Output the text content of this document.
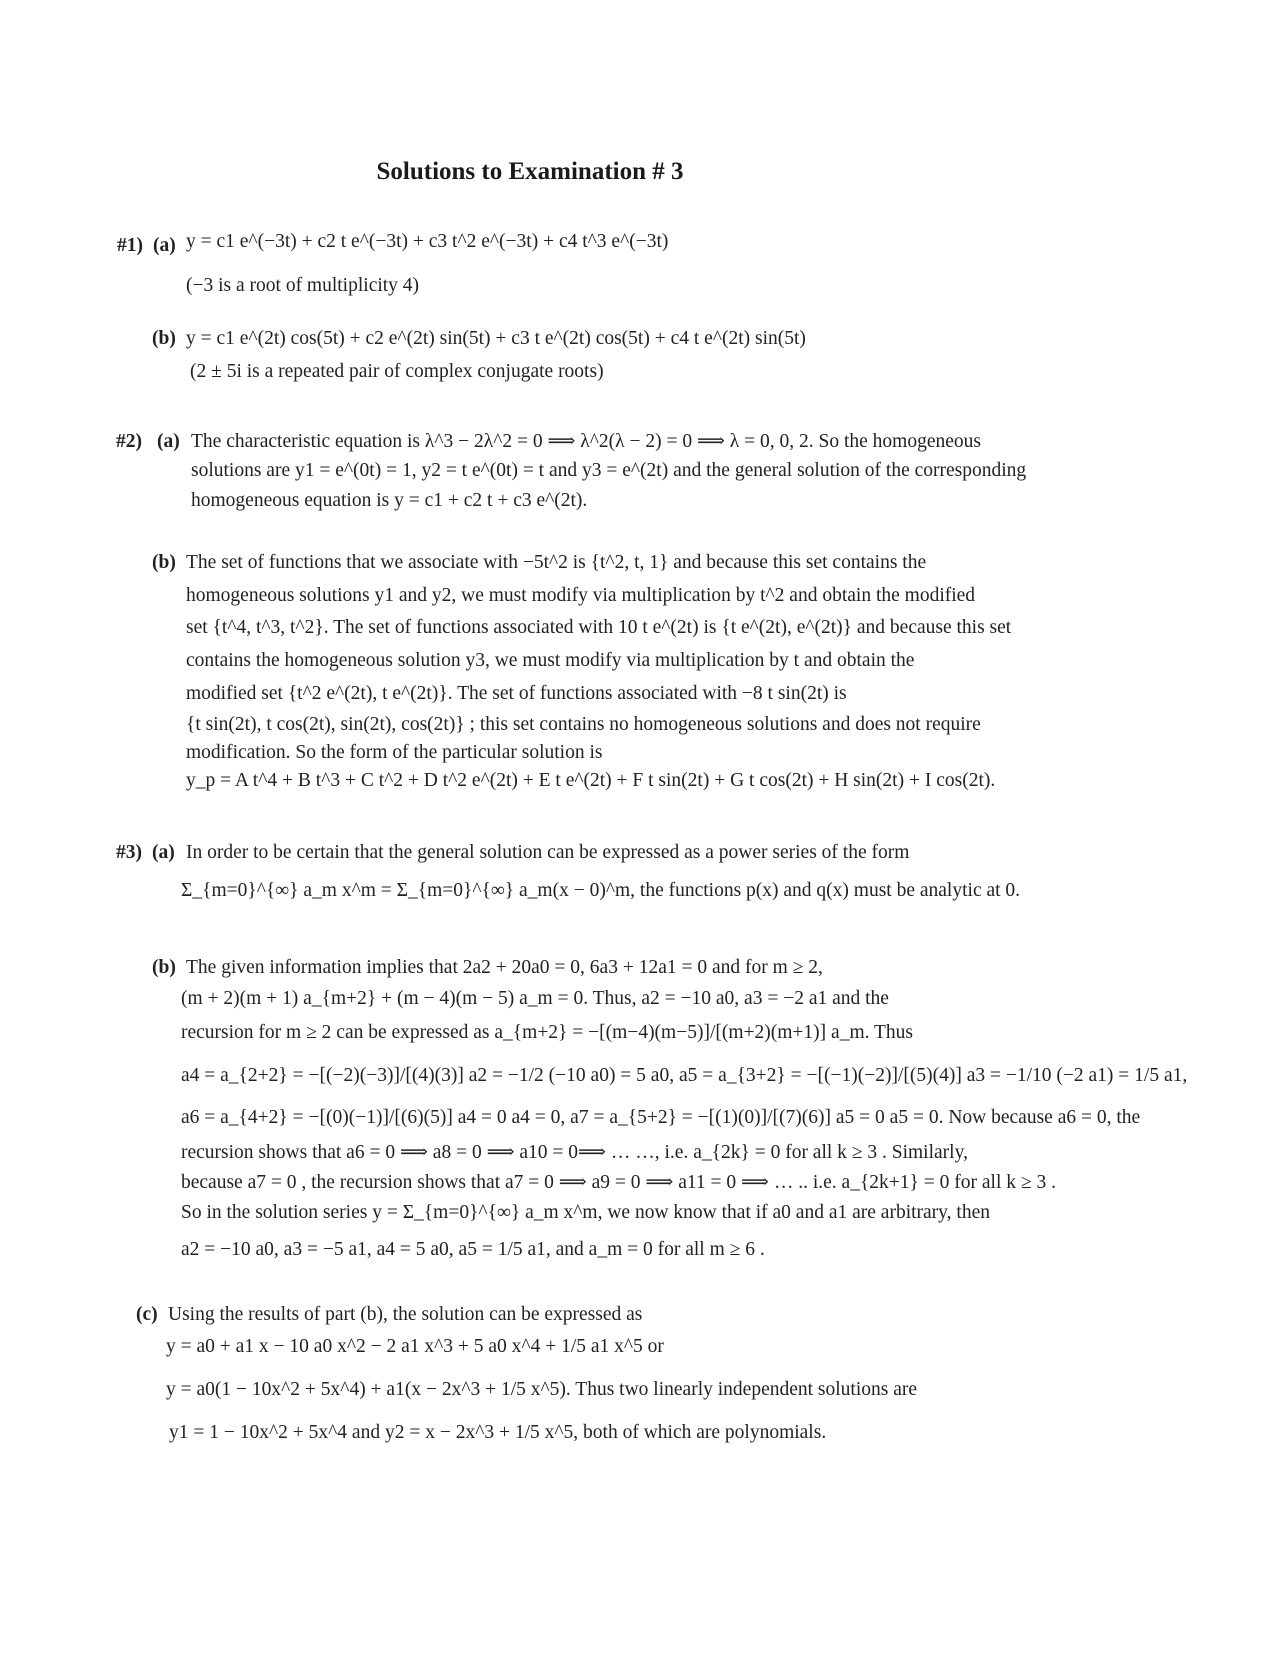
Solutions to Examination # 3
#1) (a) y = c1 e^(−3t) + c2 t e^(−3t) + c3 t^2 e^(−3t) + c4 t^3 e^(−3t)
(−3 is a root of multiplicity 4)
(b) y = c1 e^(2t) cos(5t) + c2 e^(2t) sin(5t) + c3 t e^(2t) cos(5t) + c4 t e^(2t) sin(5t)
(2 ± 5i is a repeated pair of complex conjugate roots)
#2) (a) The characteristic equation is λ^3 − 2λ^2 = 0 ⟹ λ^2(λ − 2) = 0 ⟹ λ = 0, 0, 2. So the homogeneous
solutions are y1 = e^(0t) = 1, y2 = t e^(0t) = t and y3 = e^(2t) and the general solution of the corresponding
homogeneous equation is y = c1 + c2 t + c3 e^(2t).
(b) The set of functions that we associate with −5t^2 is {t^2, t, 1} and because this set contains the
homogeneous solutions y1 and y2, we must modify via multiplication by t^2 and obtain the modified
set {t^4, t^3, t^2}. The set of functions associated with 10 t e^(2t) is {t e^(2t), e^(2t)} and because this set
contains the homogeneous solution y3, we must modify via multiplication by t and obtain the
modified set {t^2 e^(2t), t e^(2t)}. The set of functions associated with −8 t sin(2t) is
{t sin(2t), t cos(2t), sin(2t), cos(2t)} ; this set contains no homogeneous solutions and does not require
modification. So the form of the particular solution is
y_p = A t^4 + B t^3 + C t^2 + D t^2 e^(2t) + E t e^(2t) + F t sin(2t) + G t cos(2t) + H sin(2t) + I cos(2t).
#3) (a) In order to be certain that the general solution can be expressed as a power series of the form
Σ_{m=0}^{∞} a_m x^m = Σ_{m=0}^{∞} a_m(x − 0)^m, the functions p(x) and q(x) must be analytic at 0.
(b) The given information implies that 2a2 + 20a0 = 0, 6a3 + 12a1 = 0 and for m ≥ 2,
(m + 2)(m + 1) a_{m+2} + (m − 4)(m − 5) a_m = 0. Thus, a2 = −10 a0, a3 = −2 a1 and the
recursion for m ≥ 2 can be expressed as a_{m+2} = −[(m−4)(m−5)]/[(m+2)(m+1)] a_m. Thus
a4 = a_{2+2} = −[(−2)(−3)]/[(4)(3)] a2 = −1/2 (−10 a0) = 5 a0, a5 = a_{3+2} = −[(−1)(−2)]/[(5)(4)] a3 = −1/10 (−2 a1) = 1/5 a1,
a6 = a_{4+2} = −[(0)(−1)]/[(6)(5)] a4 = 0 a4 = 0, a7 = a_{5+2} = −[(1)(0)]/[(7)(6)] a5 = 0 a5 = 0. Now because a6 = 0, the
recursion shows that a6 = 0 ⟹ a8 = 0 ⟹ a10 = 0⟹ … …, i.e. a_{2k} = 0 for all k ≥ 3 . Similarly,
because a7 = 0 , the recursion shows that a7 = 0 ⟹ a9 = 0 ⟹ a11 = 0 ⟹ … .. i.e. a_{2k+1} = 0 for all k ≥ 3 .
So in the solution series y = Σ_{m=0}^{∞} a_m x^m, we now know that if a0 and a1 are arbitrary, then
a2 = −10 a0, a3 = −5 a1, a4 = 5 a0, a5 = 1/5 a1, and a_m = 0 for all m ≥ 6 .
(c) Using the results of part (b), the solution can be expressed as
y = a0 + a1 x − 10 a0 x^2 − 2 a1 x^3 + 5 a0 x^4 + 1/5 a1 x^5 or
y = a0(1 − 10x^2 + 5x^4) + a1(x − 2x^3 + 1/5 x^5). Thus two linearly independent solutions are
y1 = 1 − 10x^2 + 5x^4 and y2 = x − 2x^3 + 1/5 x^5, both of which are polynomials.
